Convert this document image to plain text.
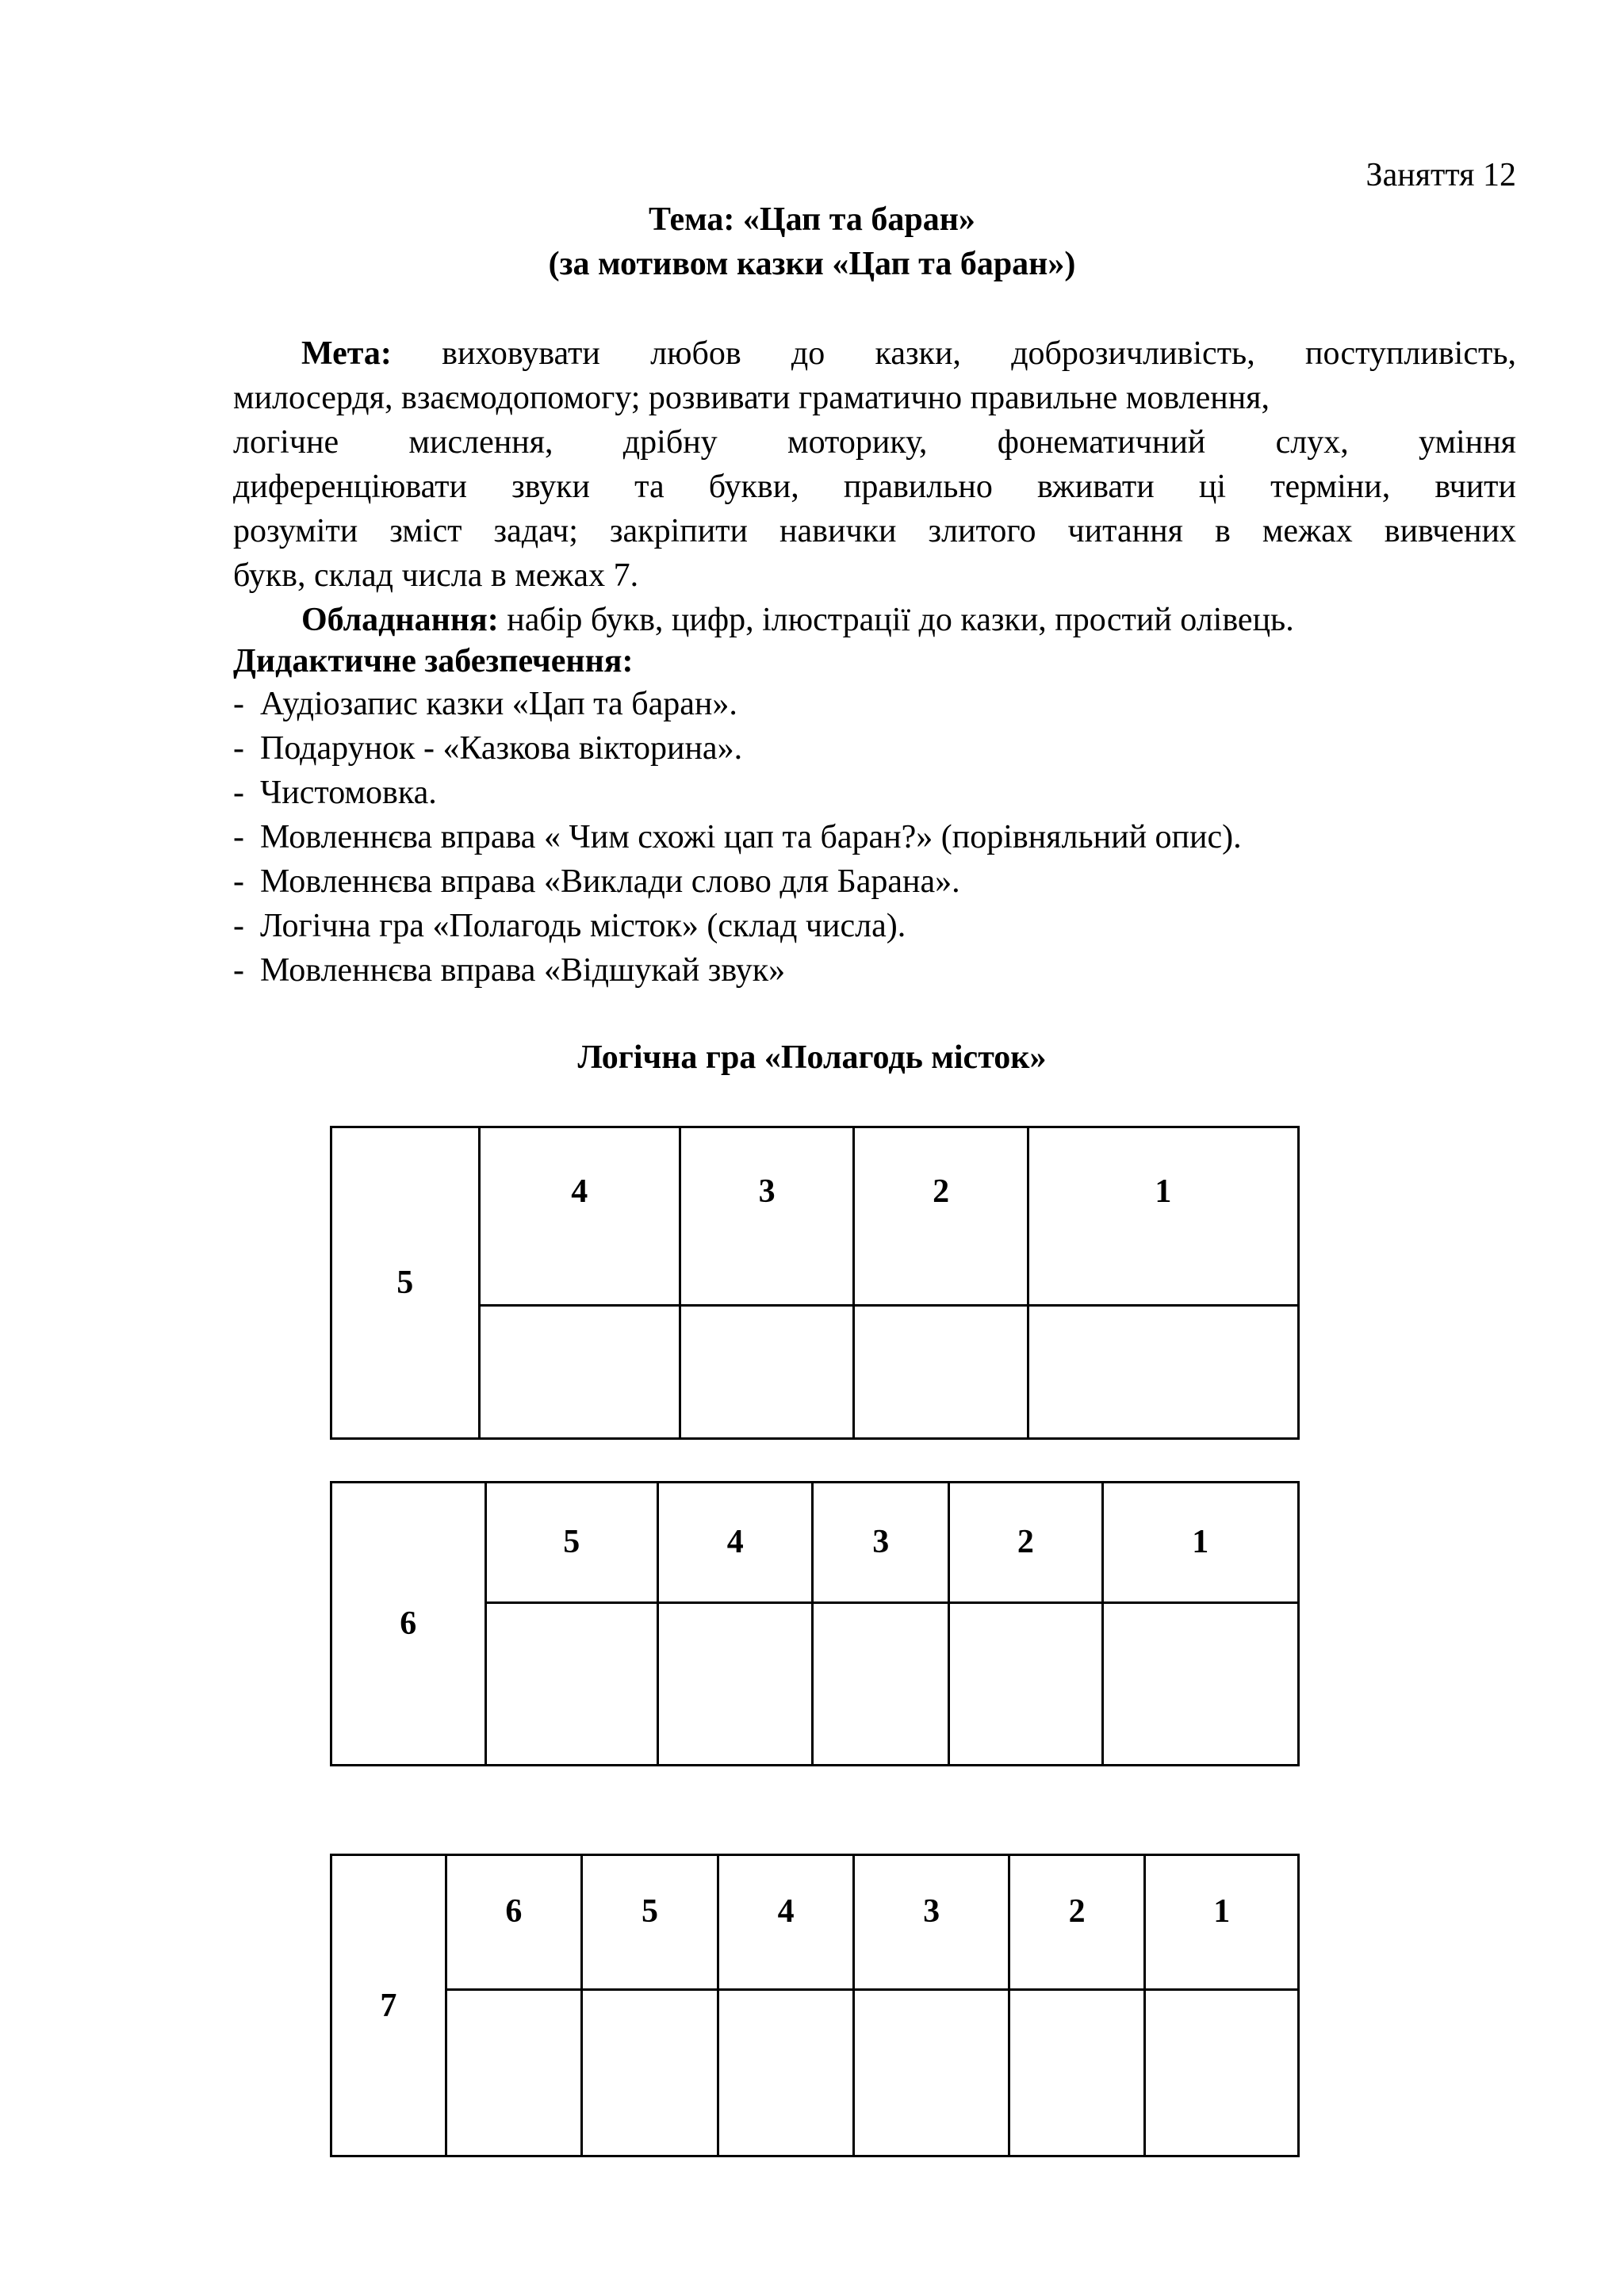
Заняття 12
Тема: «Цап та баран»
(за мотивом казки «Цап та баран»)
Мета: виховувати любов до казки, доброзичливість, поступливість,
милосердя, взаємодопомогу; розвивати граматично правильне мовлення,
логічне мислення, дрібну моторику, фонематичний слух, уміння
диференціювати звуки та букви, правильно вживати ці терміни, вчити
розуміти зміст задач; закріпити навички злитого читання в межах вивчених
букв, склад числа в межах 7.
Обладнання: набір букв, цифр, ілюстрації до казки, простий олівець.
Дидактичне забезпечення:
- Аудіозапис казки «Цап та баран».
- Подарунок - «Казкова вікторина».
- Чистомовка.
- Мовленнєва вправа « Чим схожі цап та баран?» (порівняльний опис).
- Мовленнєва вправа «Виклади слово для Барана».
- Логічна гра «Полагодь місток» (склад числа).
- Мовленнєва вправа «Відшукай звук»
Логічна гра «Полагодь місток»
5	4	3	2	1

6	5	4	3	2	1

7	6	5	4	3	2	1
